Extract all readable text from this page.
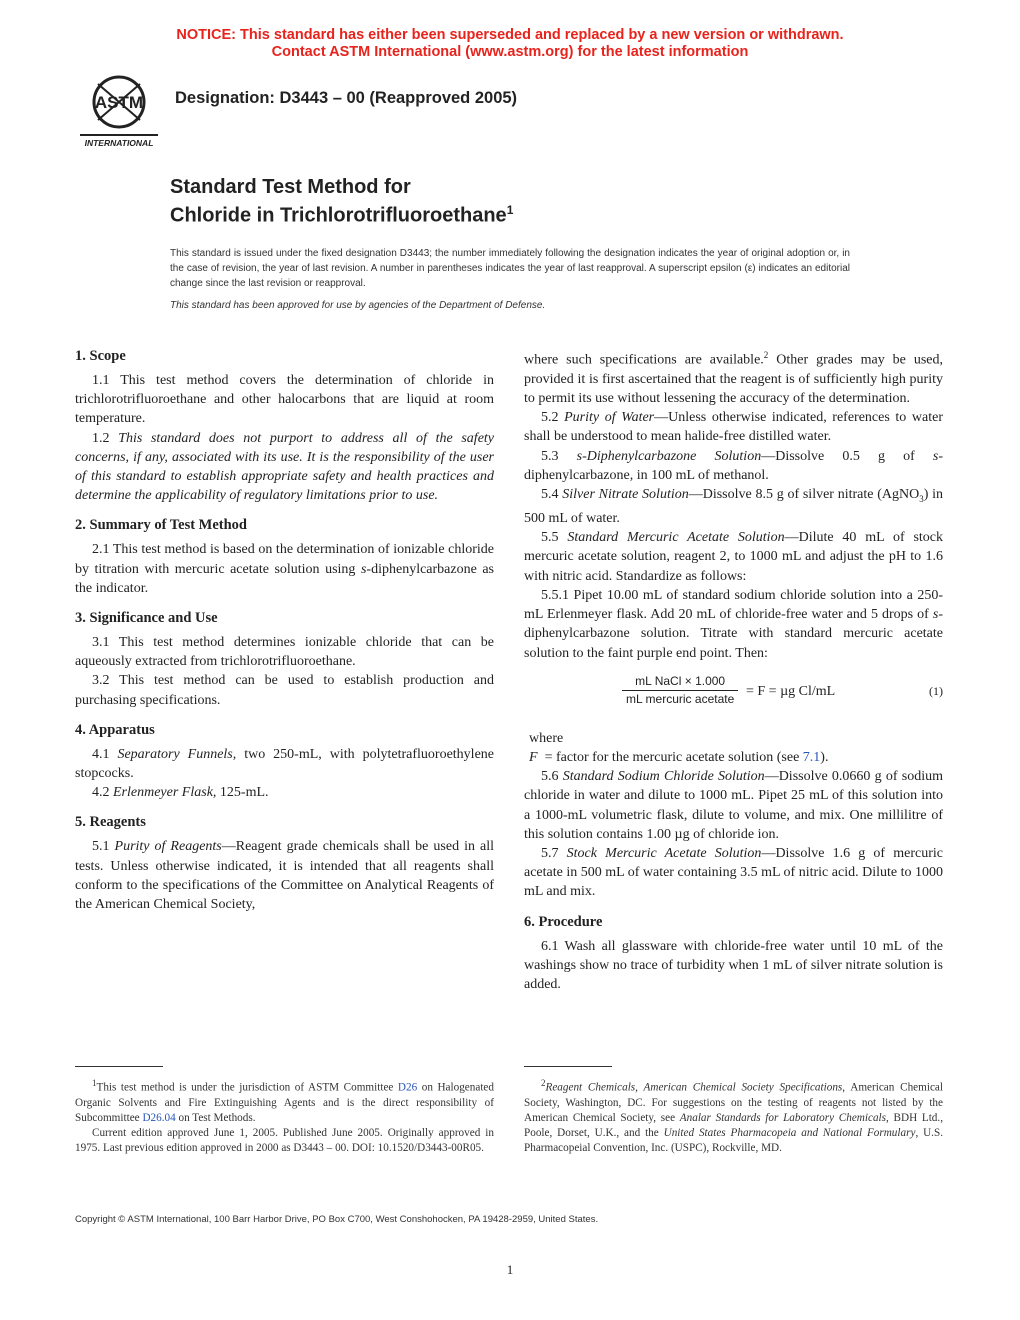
NOTICE: This standard has either been superseded and replaced by a new version or withdrawn.
Contact ASTM International (www.astm.org) for the latest information
ASTM
INTERNATIONAL
Designation: D3443 – 00 (Reapproved 2005)
Standard Test Method for
Chloride in Trichlorotrifluoroethane$^1$
This standard is issued under the fixed designation D3443; the number immediately following the designation indicates the year of original adoption or, in the case of revision, the year of last revision. A number in parentheses indicates the year of last reapproval. A superscript epsilon (ε) indicates an editorial change since the last revision or reapproval.
This standard has been approved for use by agencies of the Department of Defense.
1. Scope

1.1 This test method covers the determination of chloride in trichlorotrifluoroethane and other halocarbons that are liquid at room temperature.

1.2 This standard does not purport to address all of the safety concerns, if any, associated with its use. It is the responsibility of the user of this standard to establish appropriate safety and health practices and determine the applicability of regulatory limitations prior to use.

2. Summary of Test Method

2.1 This test method is based on the determination of ionizable chloride by titration with mercuric acetate solution using s-diphenylcarbazone as the indicator.

3. Significance and Use

3.1 This test method determines ionizable chloride that can be aqueously extracted from trichlorotrifluoroethane.

3.2 This test method can be used to establish production and purchasing specifications.

4. Apparatus

4.1 Separatory Funnels, two 250-mL, with polytetrafluoroethylene stopcocks.

4.2 Erlenmeyer Flask, 125-mL.

5. Reagents

5.1 Purity of Reagents—Reagent grade chemicals shall be used in all tests. Unless otherwise indicated, it is intended that all reagents shall conform to the specifications of the Committee on Analytical Reagents of the American Chemical Society,

where such specifications are available.$^2$ Other grades may be used, provided it is first ascertained that the reagent is of sufficiently high purity to permit its use without lessening the accuracy of the determination.

5.2 Purity of Water—Unless otherwise indicated, references to water shall be understood to mean halide-free distilled water.

5.3 s-Diphenylcarbazone Solution—Dissolve 0.5 g of s-diphenylcarbazone, in 100 mL of methanol.

5.4 Silver Nitrate Solution—Dissolve 8.5 g of silver nitrate (AgNO$_3$) in 500 mL of water.

5.5 Standard Mercuric Acetate Solution—Dilute 40 mL of stock mercuric acetate solution, reagent 2, to 1000 mL and adjust the pH to 1.6 with nitric acid. Standardize as follows:

5.5.1 Pipet 10.00 mL of standard sodium chloride solution into a 250-mL Erlenmeyer flask. Add 20 mL of chloride-free water and 5 drops of s-diphenylcarbazone solution. Titrate with standard mercuric acetate solution to the faint purple end point. Then:

mL NaCl × 1.000
mL mercuric acetate = F = µg Cl/mL	(1)

where

F = factor for the mercuric acetate solution (see 7.1).

5.6 Standard Sodium Chloride Solution—Dissolve 0.0660 g of sodium chloride in water and dilute to 1000 mL. Pipet 25 mL of this solution into a 1000-mL volumetric flask, dilute to volume, and mix. One millilitre of this solution contains 1.00 µg of chloride ion.

5.7 Stock Mercuric Acetate Solution—Dissolve 1.6 g of mercuric acetate in 500 mL of water containing 3.5 mL of nitric acid. Dilute to 1000 mL and mix.

6. Procedure

6.1 Wash all glassware with chloride-free water until 10 mL of the washings show no trace of turbidity when 1 mL of silver nitrate solution is added.

$^1$This test method is under the jurisdiction of ASTM Committee D26 on Halogenated Organic Solvents and Fire Extinguishing Agents and is the direct responsibility of Subcommittee D26.04 on Test Methods.

Current edition approved June 1, 2005. Published June 2005. Originally approved in 1975. Last previous edition approved in 2000 as D3443 – 00. DOI: 10.1520/D3443-00R05.

$^2$Reagent Chemicals, American Chemical Society Specifications, American Chemical Society, Washington, DC. For suggestions on the testing of reagents not listed by the American Chemical Society, see Analar Standards for Laboratory Chemicals, BDH Ltd., Poole, Dorset, U.K., and the United States Pharmacopeia and National Formulary, U.S. Pharmacopeial Convention, Inc. (USPC), Rockville, MD.

Copyright © ASTM International, 100 Barr Harbor Drive, PO Box C700, West Conshohocken, PA 19428-2959, United States.
1
